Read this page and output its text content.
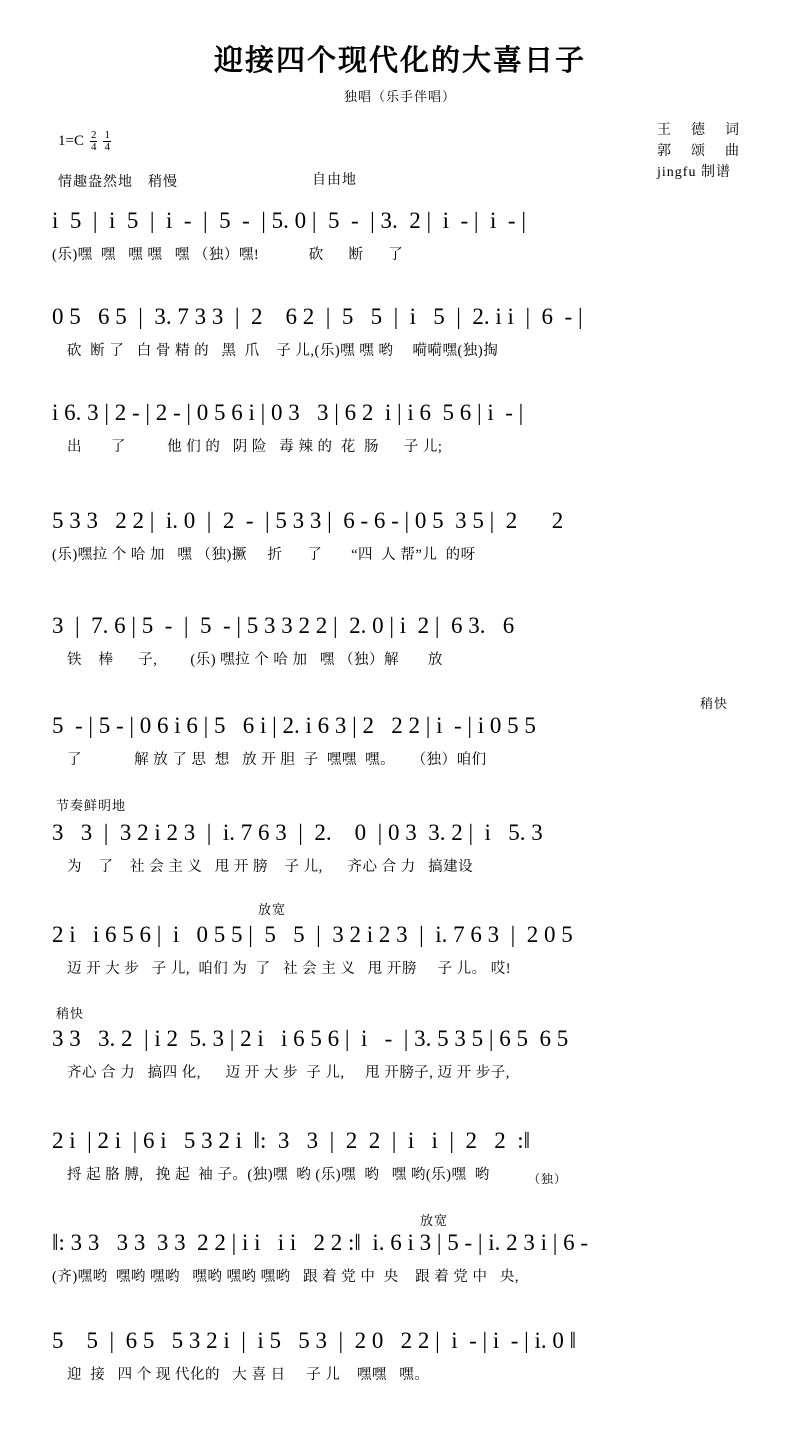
迎接四个现代化的大喜日子
独唱（乐手伴唱）
王　德　词
郭　颂　曲
jingfu 制谱
$1=C \frac{2}{4} \frac{1}{4}$
情趣盎然地　稍慢	自由地
i  5  |  i  5  |  i  -  |  5  -  | 5. 0 |  5  -  | 3.  2 |  i  - |  i  - |
(乐)嘿  嘿   嘿 嘿   嘿 （独）嘿!            砍      断      了
0 5   6 5  |  3. 7 3 3  |  2    6 2  |  5   5  |  i   5  |  2. i i  |  6  - |
　砍  断 了   白 骨 精 的   黑  爪    子 儿,(乐)嘿 嘿 哟　 嗬嗬嘿(独)掏
i 6. 3 | 2 - | 2 - | 0 5 6 i | 0 3   3 | 6 2  i | i 6  5 6 | i  - |
　出       了          他 们 的   阴 险   毒 辣 的  花  肠      子 儿;
5 3 3   2 2 |  i. 0  |  2  -  | 5 3 3 |  6 - 6 - | 0 5  3 5 |  2      2
(乐)嘿拉 个 哈 加   嘿 （独)撅     折      了       “四  人 帮”儿  的呀
3  |  7. 6 | 5  -  |  5  - | 5 3 3 2 2 |  2. 0 | i  2 |  6 3.   6
　铁    棒      子,        (乐) 嘿拉 个 哈 加   嘿 （独）解       放
5  - | 5 - | 0 6 i 6 | 5   6 i | 2. i 6 3 | 2   2 2 | i  - | i 0 5 5
　了       　  解 放 了 思  想   放 开 胆  子  嘿嘿  嘿。    （独）咱们
稍快
3   3  |  3 2 i 2 3  |  i. 7 6 3  |  2.    0  | 0 3  3. 2 |  i   5. 3
　为    了    社 会 主 义   甩 开 膀    子 儿,      齐心 合 力   搞建设
节奏鲜明地
2 i   i 6 5 6 |  i   0 5 5 |  5   5  |  3 2 i 2 3  |  i. 7 6 3  |  2 0 5
　迈 开 大 步   子 儿,  咱们 为  了   社 会 主 义   甩 开膀     子 儿。 哎!
放宽
3 3   3. 2  | i 2  5. 3 | 2 i   i 6 5 6 |  i   -  | 3. 5 3 5 | 6 5  6 5
　齐心 合 力   搞四 化,      迈 开 大 步  子 儿,     甩 开膀子, 迈 开 步子,
稍快
2 i  | 2 i  | 6 i   5 3 2 i  ‖:  3   3  |  2  2  |  i   i  |  2   2  :‖
　捋 起 胳 膊,   挽 起  袖 子。(独)嘿  哟 (乐)嘿  哟   嘿 哟(乐)嘿  哟	（独）
‖: 3 3   3 3  3 3  2 2 | i i   i i   2 2 :‖  i. 6 i 3 | 5 - | i. 2 3 i | 6 -
(齐)嘿哟  嘿哟 嘿哟   嘿哟 嘿哟 嘿哟   跟 着 党 中  央    跟 着 党 中   央,
放宽
5    5  |  6 5   5 3 2 i  |  i 5   5 3  |  2 0   2 2 |  i  - | i  - | i. 0 ‖
　迎  接   四 个 现 代化的   大 喜 日     子 儿    嘿嘿   嘿。
